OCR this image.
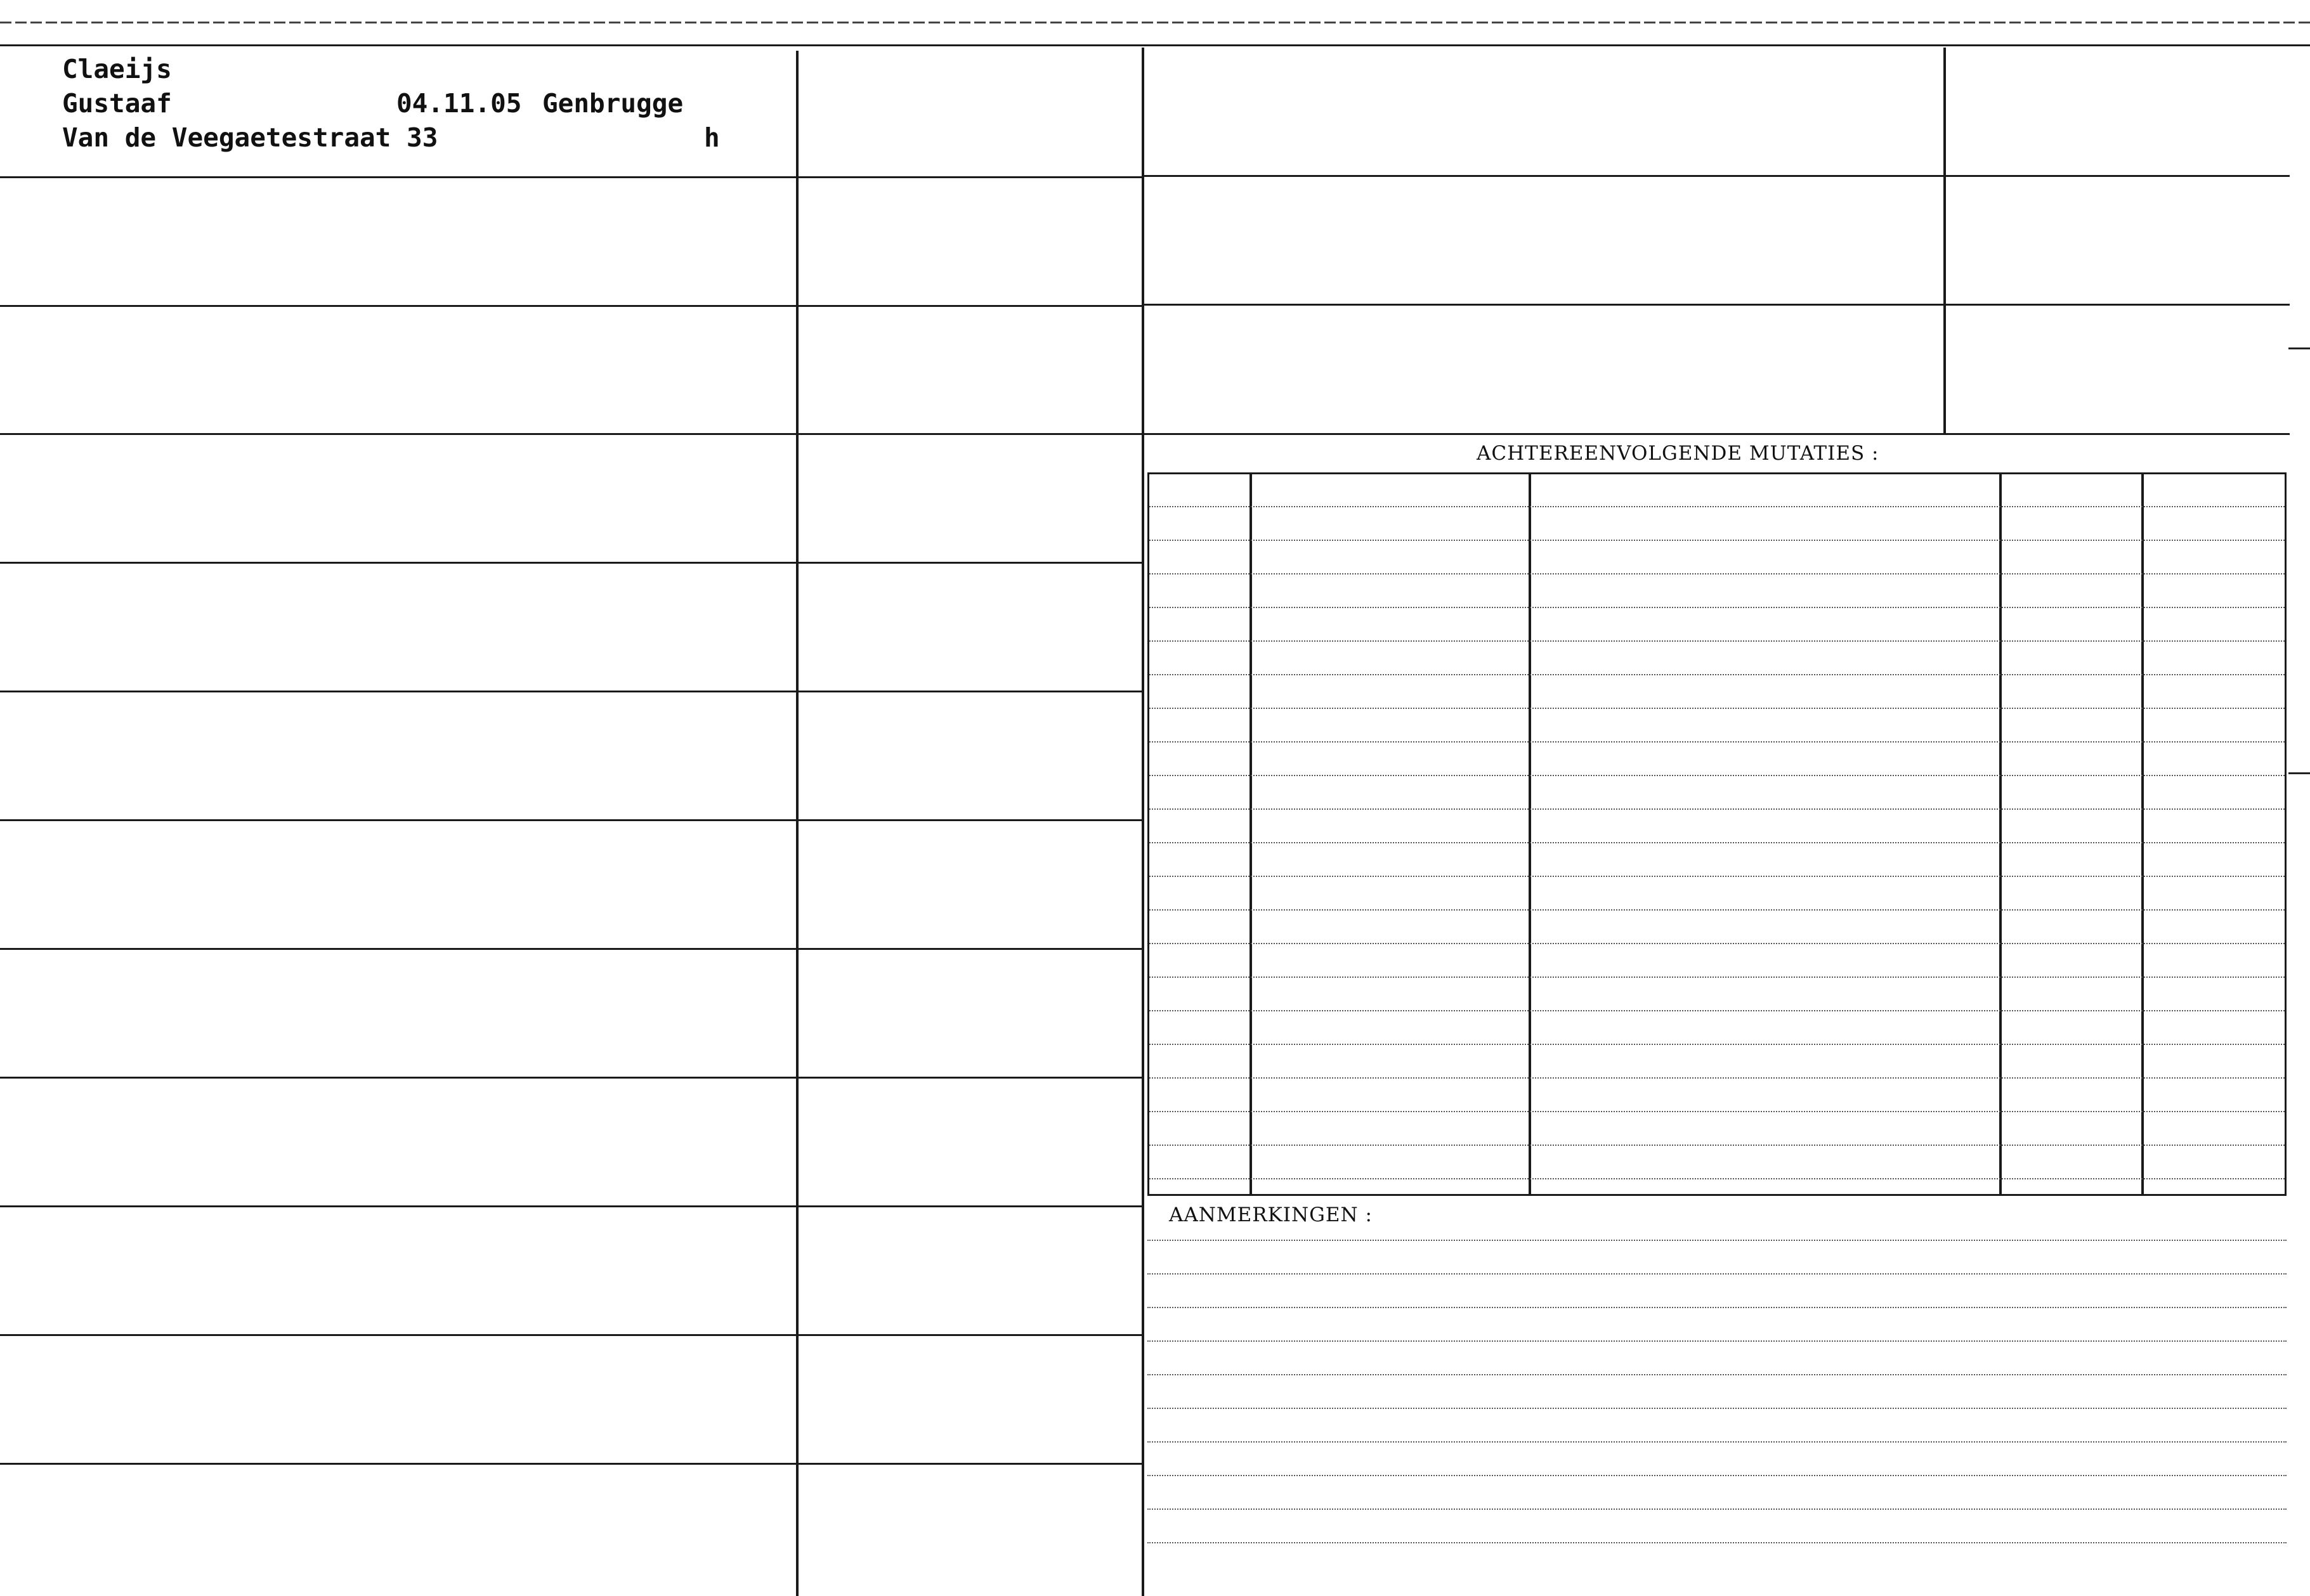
Claeijs
Gustaaf	04.11.05 Genbrugge
Van de Veegaetestraat 33	h
ACHTEREENVOLGENDE MUTATIES :
AANMERKINGEN :
